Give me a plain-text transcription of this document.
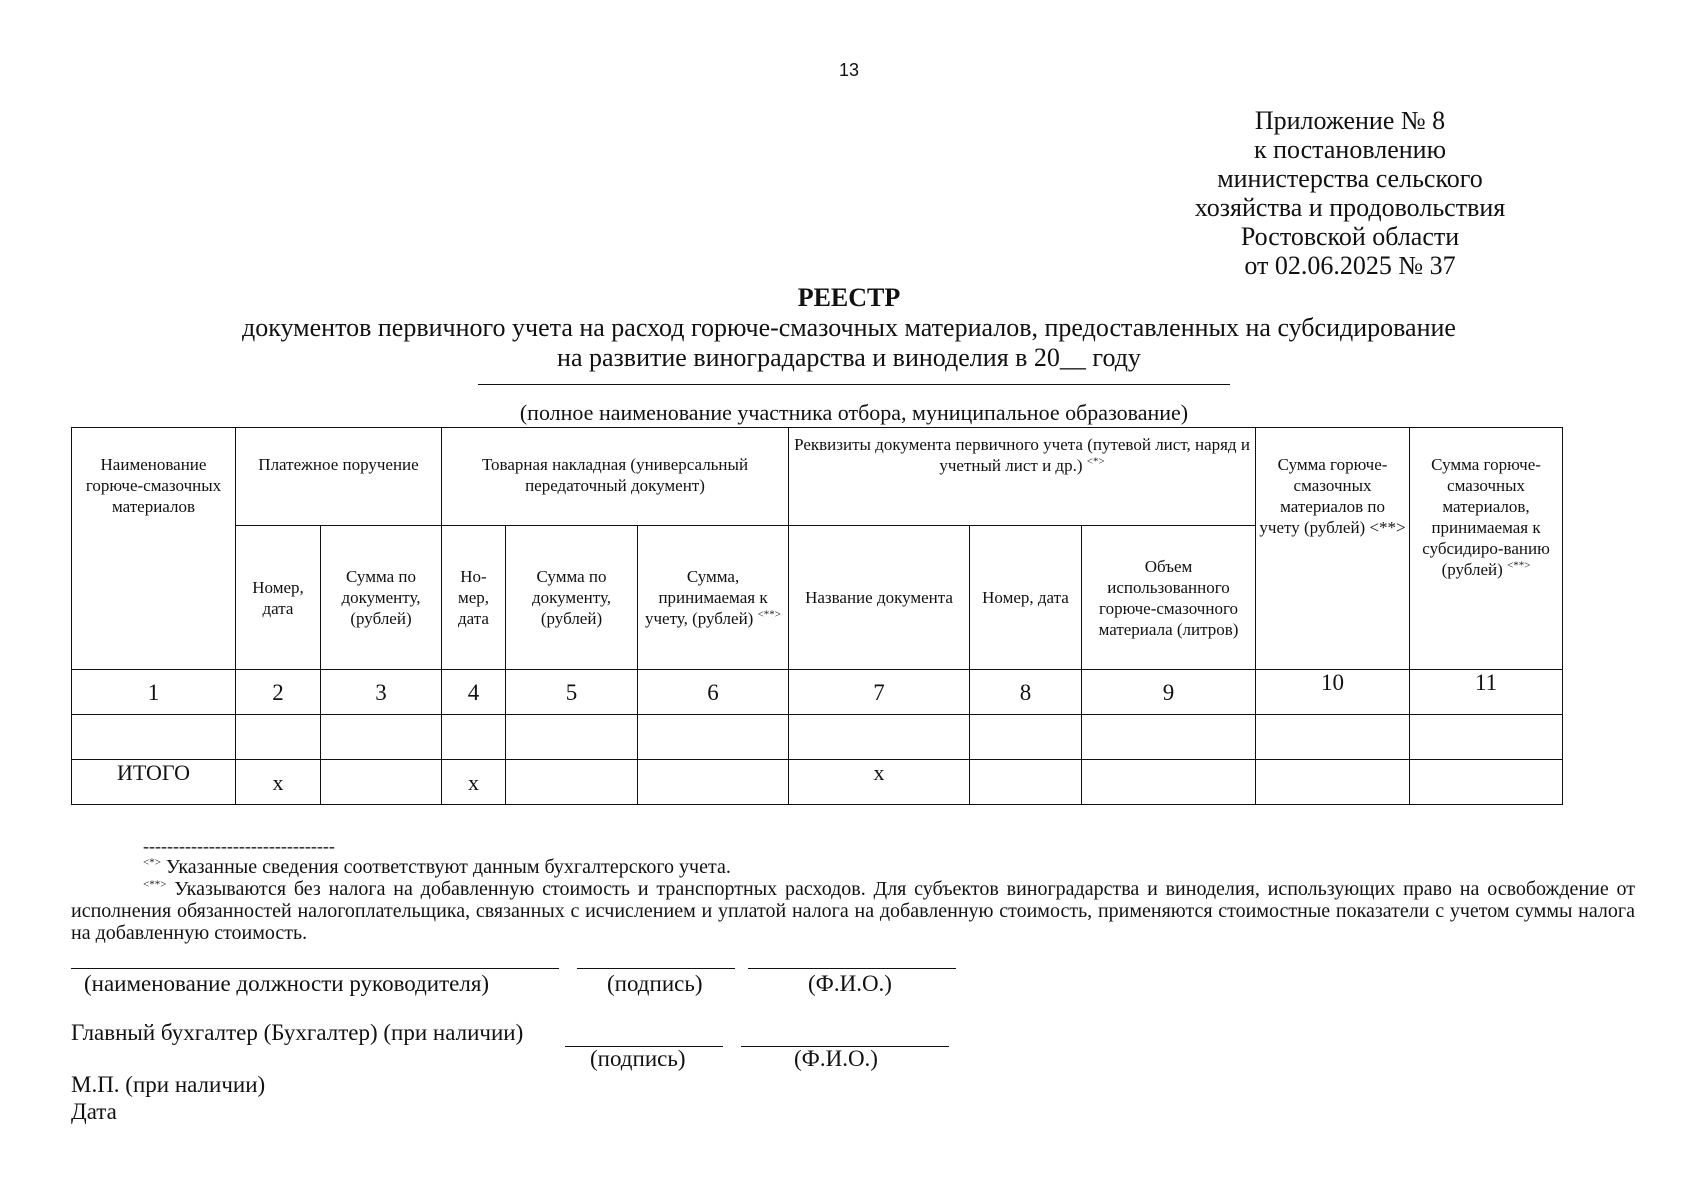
13
Приложение № 8
к постановлению
министерства сельского
хозяйства и продовольствия
Ростовской области
от 02.06.2025 № 37
РЕЕСТР
документов первичного учета на расход горюче-смазочных материалов, предоставленных на субсидирование
на развитие виноградарства и виноделия в 20__ году
(полное наименование участника отбора, муниципальное образование)
Наименование горюче-смазочных материалов	Платежное поручение		Товарная накладная (универсальный передаточный документ)			Реквизиты документа первичного учета (путевой лист, наряд и учетный лист и др.) <*>			Сумма горюче-смазочных материалов по учету (рублей) <**>	Сумма горюче-смазочных материалов, принимаемая к субсидиро-ванию (рублей) <**>
	Номер, дата	Сумма по документу, (рублей)	Но-мер, дата	Сумма по документу, (рублей)	Сумма, принимаемая к учету, (рублей) <**>	Название документа	Номер, дата	Объем использованного горюче-смазочного материала (литров)		
1	2	3	4	5	6	7	8	9	10	11

ИТОГО	х		х			х				
--------------------------------
<*> Указанные сведения соответствуют данным бухгалтерского учета.
<**> Указываются без налога на добавленную стоимость и транспортных расходов. Для субъектов виноградарства и виноделия, использующих право на освобождение от исполнения обязанностей налогоплательщика, связанных с исчислением и уплатой налога на добавленную стоимость, применяются стоимостные показатели с учетом суммы налога на добавленную стоимость.
(наименование должности руководителя)	(подпись)	(Ф.И.О.)
Главный бухгалтер (Бухгалтер) (при наличии)
(подпись)	(Ф.И.О.)
М.П. (при наличии)
Дата
